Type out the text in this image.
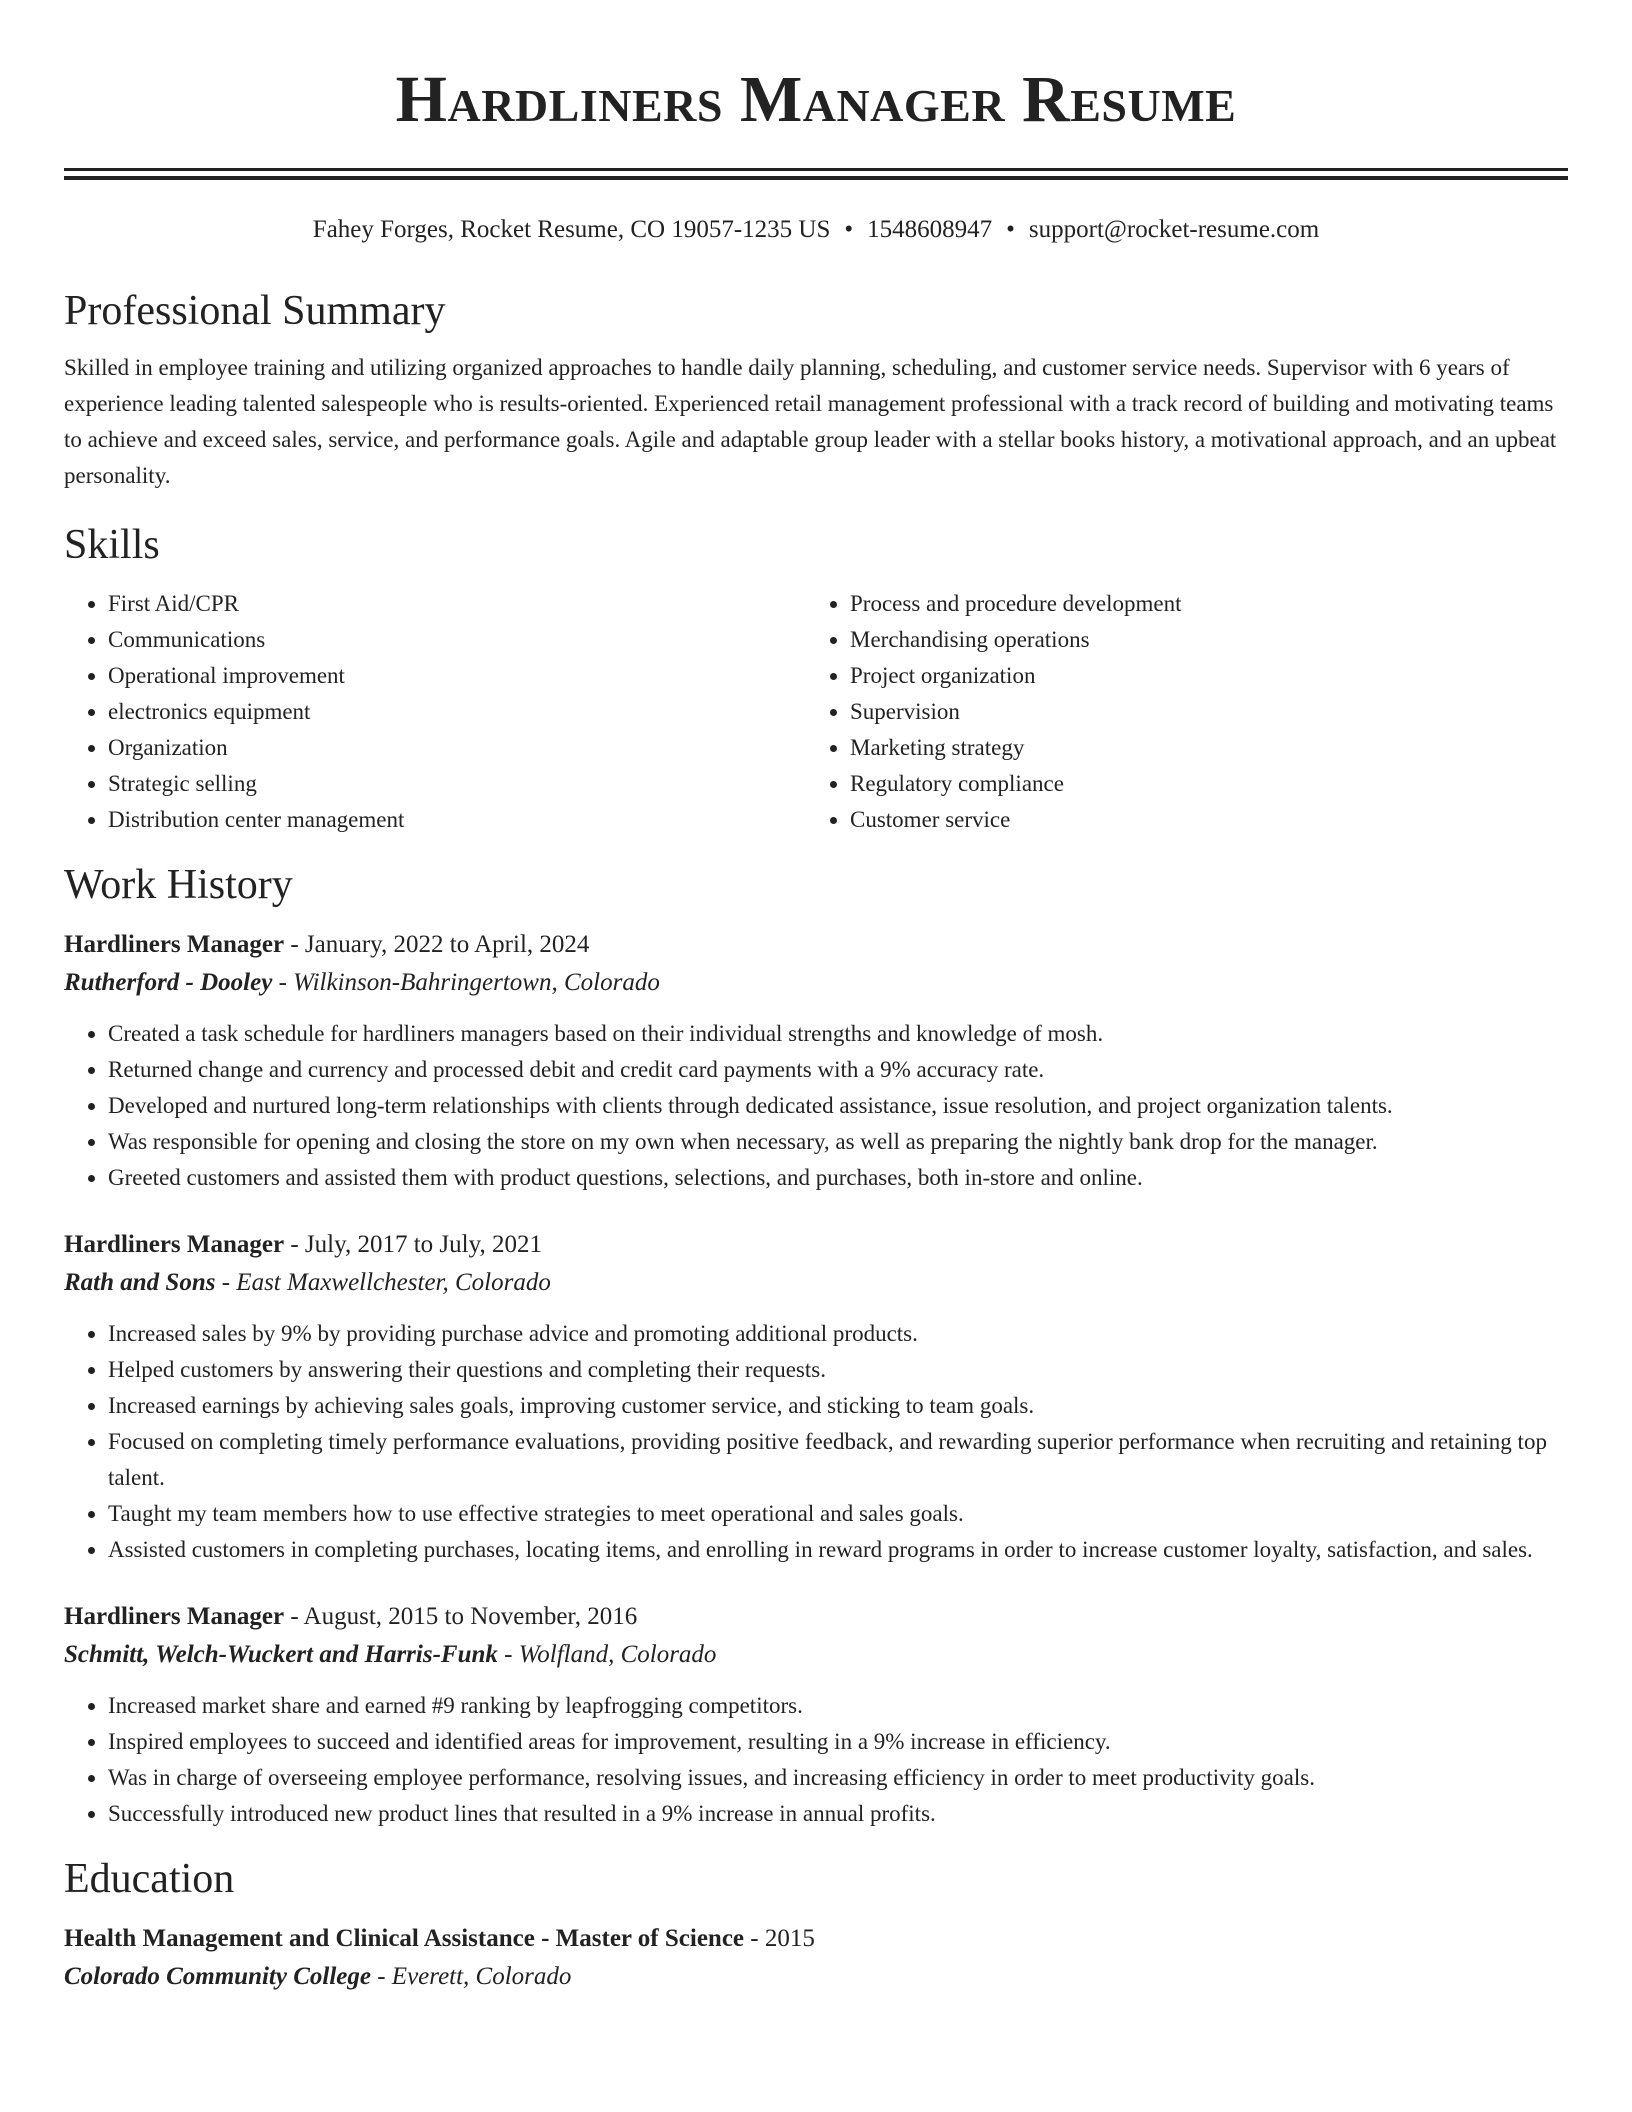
Hardliners Manager Resume
Fahey Forges, Rocket Resume, CO 19057-1235 US • 1548608947 • support@rocket-resume.com
Professional Summary

Skilled in employee training and utilizing organized approaches to handle daily planning, scheduling, and customer service needs. Supervisor with 6 years of experience leading talented salespeople who is results-oriented. Experienced retail management professional with a track record of building and motivating teams to achieve and exceed sales, service, and performance goals. Agile and adaptable group leader with a stellar books history, a motivational approach, and an upbeat personality.

Skills
• First Aid/CPR
• Communications
• Operational improvement
• electronics equipment
• Organization
• Strategic selling
• Distribution center management
• Process and procedure development
• Merchandising operations
• Project organization
• Supervision
• Marketing strategy
• Regulatory compliance
• Customer service
Work History
Hardliners Manager - January, 2022 to April, 2024
Rutherford - Dooley - Wilkinson-Bahringertown, Colorado
• Created a task schedule for hardliners managers based on their individual strengths and knowledge of mosh.
• Returned change and currency and processed debit and credit card payments with a 9% accuracy rate.
• Developed and nurtured long-term relationships with clients through dedicated assistance, issue resolution, and project organization talents.
• Was responsible for opening and closing the store on my own when necessary, as well as preparing the nightly bank drop for the manager.
• Greeted customers and assisted them with product questions, selections, and purchases, both in-store and online.
Hardliners Manager - July, 2017 to July, 2021
Rath and Sons - East Maxwellchester, Colorado
• Increased sales by 9% by providing purchase advice and promoting additional products.
• Helped customers by answering their questions and completing their requests.
• Increased earnings by achieving sales goals, improving customer service, and sticking to team goals.
• Focused on completing timely performance evaluations, providing positive feedback, and rewarding superior performance when recruiting and retaining top talent.
• Taught my team members how to use effective strategies to meet operational and sales goals.
• Assisted customers in completing purchases, locating items, and enrolling in reward programs in order to increase customer loyalty, satisfaction, and sales.
Hardliners Manager - August, 2015 to November, 2016
Schmitt, Welch-Wuckert and Harris-Funk - Wolfland, Colorado
• Increased market share and earned #9 ranking by leapfrogging competitors.
• Inspired employees to succeed and identified areas for improvement, resulting in a 9% increase in efficiency.
• Was in charge of overseeing employee performance, resolving issues, and increasing efficiency in order to meet productivity goals.
• Successfully introduced new product lines that resulted in a 9% increase in annual profits.
Education
Health Management and Clinical Assistance - Master of Science - 2015
Colorado Community College - Everett, Colorado
